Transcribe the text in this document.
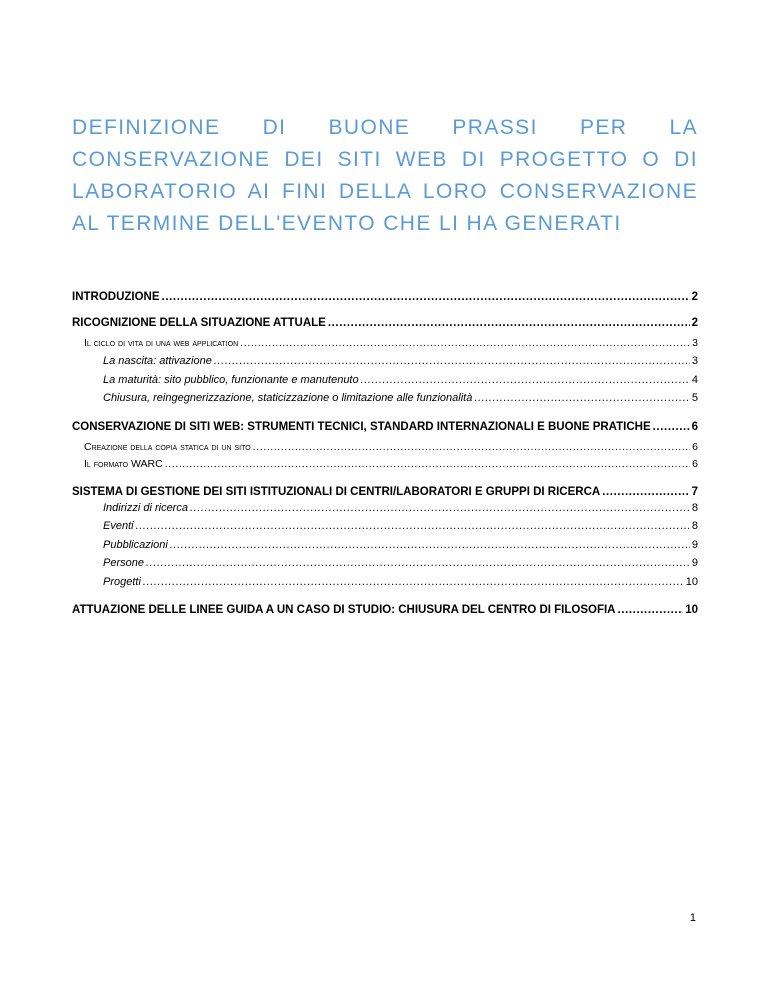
DEFINIZIONE DI BUONE PRASSI PER LA CONSERVAZIONE DEI SITI WEB DI PROGETTO O DI LABORATORIO AI FINI DELLA LORO CONSERVAZIONE AL TERMINE DELL'EVENTO CHE LI HA GENERATI
INTRODUZIONE .....	2
RICOGNIZIONE DELLA SITUAZIONE ATTUALE .....	2
Il ciclo di vita di una web application .....	3
La nascita: attivazione .....	3
La maturità: sito pubblico, funzionante e manutenuto .....	4
Chiusura, reingegnerizzazione, staticizzazione o limitazione alle funzionalità .....	5
CONSERVAZIONE DI SITI WEB: STRUMENTI TECNICI, STANDARD INTERNAZIONALI E BUONE PRATICHE .....	6
Creazione della copia statica di un sito .....	6
Il formato WARC .....	6
SISTEMA DI GESTIONE DEI SITI ISTITUZIONALI DI CENTRI/LABORATORI E GRUPPI DI RICERCA .....	7
Indirizzi di ricerca .....	8
Eventi .....	8
Pubblicazioni .....	9
Persone .....	9
Progetti .....	10
ATTUAZIONE DELLE LINEE GUIDA A UN CASO DI STUDIO: CHIUSURA DEL CENTRO DI FILOSOFIA .....	10
1
